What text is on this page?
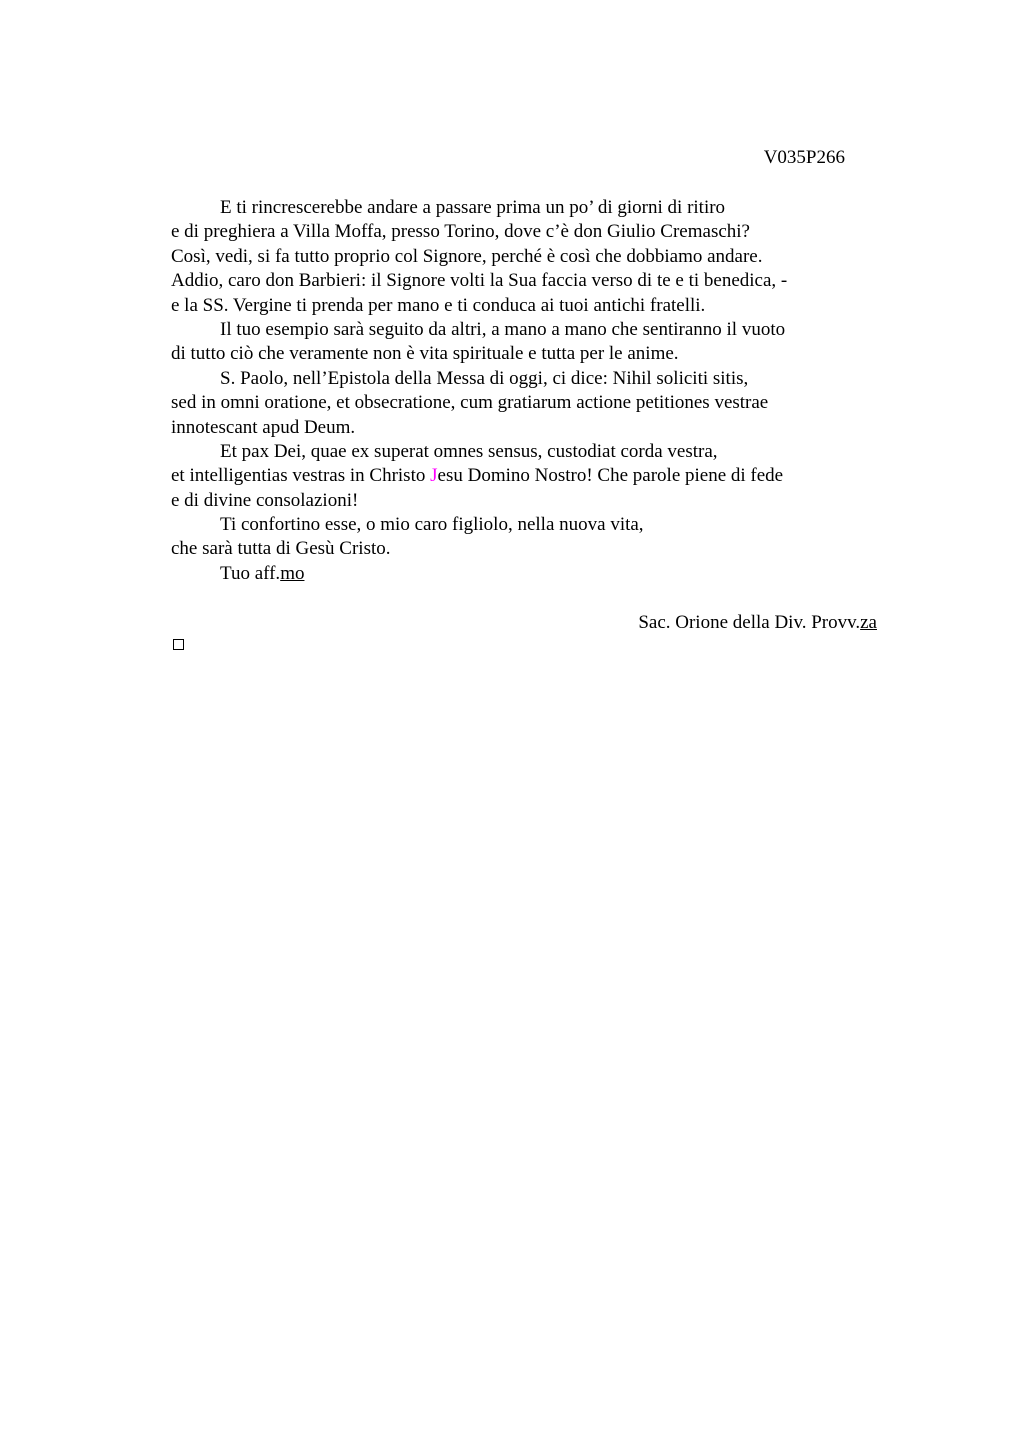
V035P266
E ti rincrescerebbe andare a passare prima un po’ di giorni di ritiro
e di preghiera a Villa Moffa, presso Torino, dove c’è don Giulio Cremaschi?
Così, vedi, si fa tutto proprio col Signore, perché è così che dobbiamo andare.
Addio, caro don Barbieri: il Signore volti la Sua faccia verso di te e ti benedica, -
e la SS. Vergine ti prenda per mano e ti conduca ai tuoi antichi fratelli.
Il tuo esempio sarà seguito da altri, a mano a mano che sentiranno il vuoto
di tutto ciò che veramente non è vita spirituale e tutta per le anime.
S. Paolo, nell’Epistola della Messa di oggi, ci dice: Nihil soliciti sitis,
sed in omni oratione, et obsecratione, cum gratiarum actione petitiones vestrae
innotescant apud Deum.
Et pax Dei, quae ex superat omnes sensus, custodiat corda vestra,
et intelligentias vestras in Christo Jesu Domino Nostro! Che parole piene di fede
e di divine consolazioni!
Ti confortino esse, o mio caro figliolo, nella nuova vita,
che sarà tutta di Gesù Cristo.
Tuo aff.mo
Sac. Orione della Div. Provv.za
